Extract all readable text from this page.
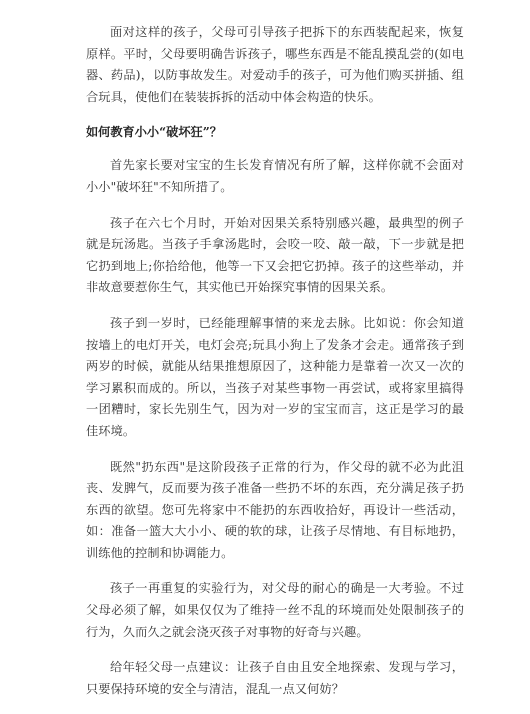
面对这样的孩子，父母可引导孩子把拆下的东西装配起来，恢复原样。平时，父母要明确告诉孩子，哪些东西是不能乱摸乱尝的(如电器、药品)，以防事故发生。对爱动手的孩子，可为他们购买拼插、组合玩具，使他们在装装拆拆的活动中体会构造的快乐。

如何教育小小“破坏狂”？

首先家长要对宝宝的生长发育情况有所了解，这样你就不会面对小小"破坏狂"不知所措了。

孩子在六七个月时，开始对因果关系特别感兴趣，最典型的例子就是玩汤匙。当孩子手拿汤匙时，会咬一咬、敲一敲，下一步就是把它扔到地上;你拾给他，他等一下又会把它扔掉。孩子的这些举动，并非故意要惹你生气，其实他已开始探究事情的因果关系。

孩子到一岁时，已经能理解事情的来龙去脉。比如说：你会知道按墙上的电灯开关，电灯会亮;玩具小狗上了发条才会走。通常孩子到两岁的时候，就能从结果推想原因了，这种能力是靠着一次又一次的学习累积而成的。所以，当孩子对某些事物一再尝试，或将家里搞得一团糟时，家长先别生气，因为对一岁的宝宝而言，这正是学习的最佳环境。

既然"扔东西"是这阶段孩子正常的行为，作父母的就不必为此沮丧、发脾气，反而要为孩子准备一些扔不坏的东西，充分满足孩子扔东西的欲望。您可先将家中不能扔的东西收拾好，再设计一些活动，如：准备一篮大大小小、硬的软的球，让孩子尽情地、有目标地扔，训练他的控制和协调能力。

孩子一再重复的实验行为，对父母的耐心的确是一大考验。不过父母必须了解，如果仅仅为了维持一丝不乱的环境而处处限制孩子的行为，久而久之就会浇灭孩子对事物的好奇与兴趣。

给年轻父母一点建议：让孩子自由且安全地探索、发现与学习，只要保持环境的安全与清洁，混乱一点又何妨？
